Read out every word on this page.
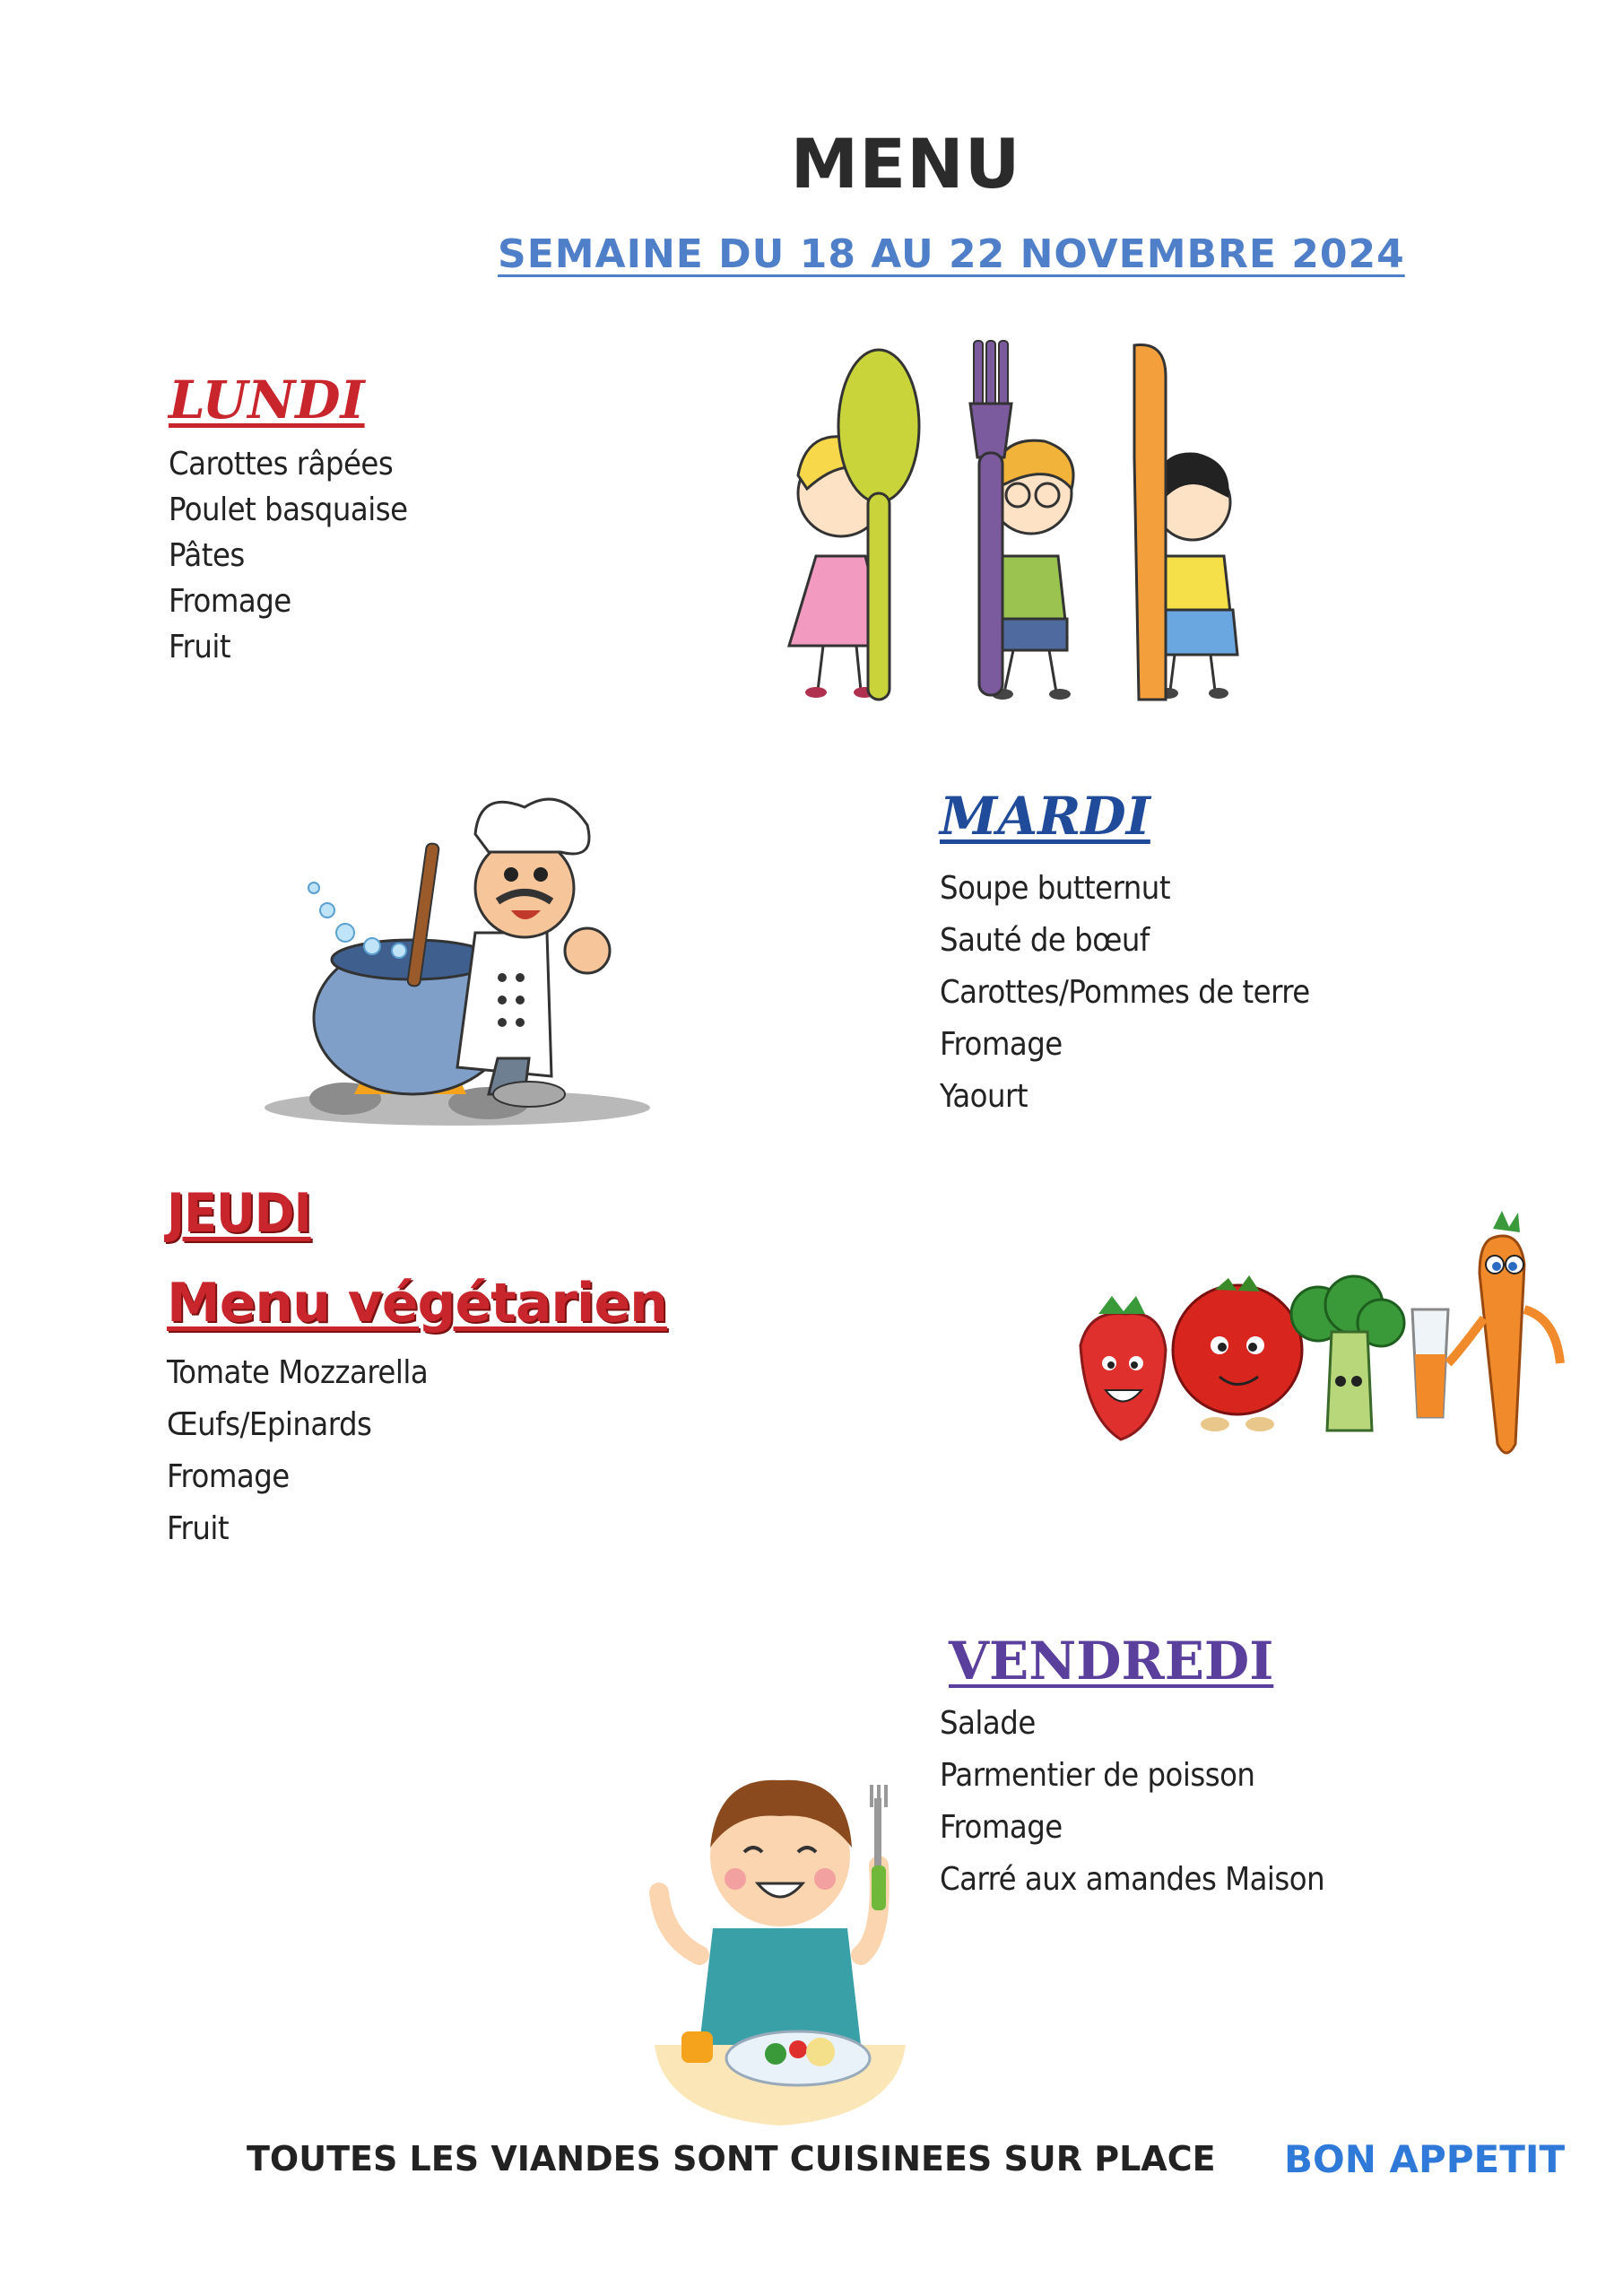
MENU
SEMAINE DU 18 AU 22 NOVEMBRE 2024
LUNDI
Carottes râpées
Poulet basquaise
Pâtes
Fromage
Fruit
MARDI
Soupe butternut
Sauté de bœuf
Carottes/Pommes de terre
Fromage
Yaourt
JEUDI
Menu végétarien
Tomate Mozzarella
Œufs/Epinards
Fromage
Fruit
VENDREDI
Salade
Parmentier de poisson
Fromage
Carré aux amandes Maison
TOUTES LES VIANDES SONT CUISINEES SUR PLACE BON APPETIT
